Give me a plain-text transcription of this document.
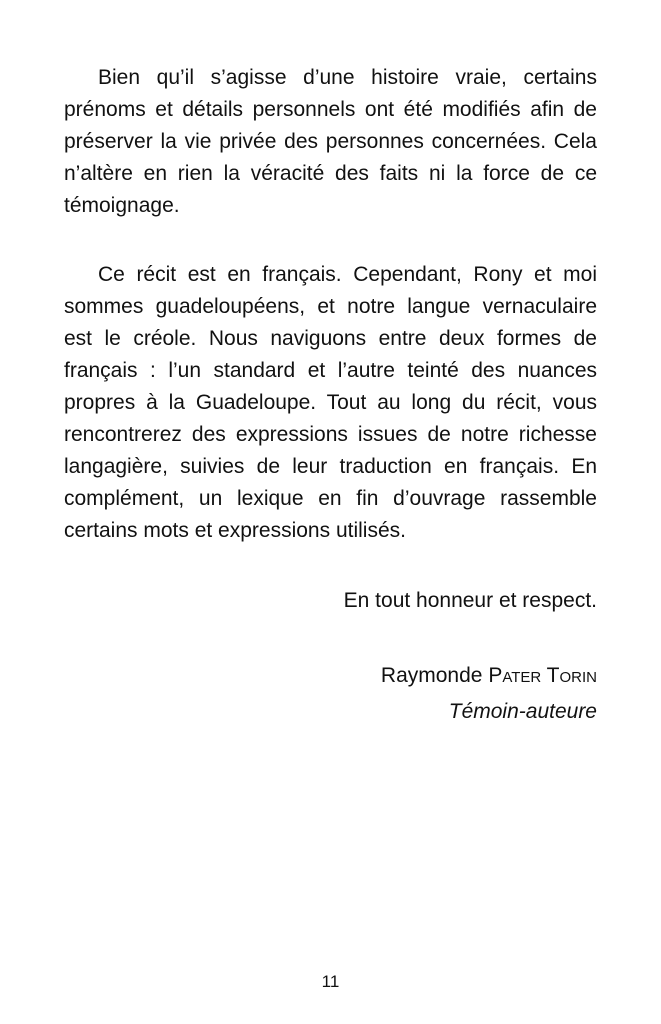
Bien qu’il s’agisse d’une histoire vraie, certains prénoms et détails personnels ont été modifiés afin de préserver la vie privée des personnes concernées. Cela n’altère en rien la véracité des faits ni la force de ce témoignage.

Ce récit est en français. Cependant, Rony et moi sommes guadeloupéens, et notre langue vernaculaire est le créole. Nous naviguons entre deux formes de français : l’un standard et l’autre teinté des nuances propres à la Guadeloupe. Tout au long du récit, vous rencontrerez des expressions issues de notre richesse langagière, suivies de leur traduction en français. En complément, un lexique en fin d’ouvrage rassemble certains mots et expressions utilisés.

En tout honneur et respect.
Raymonde Pater Torin
Témoin-auteure
11
